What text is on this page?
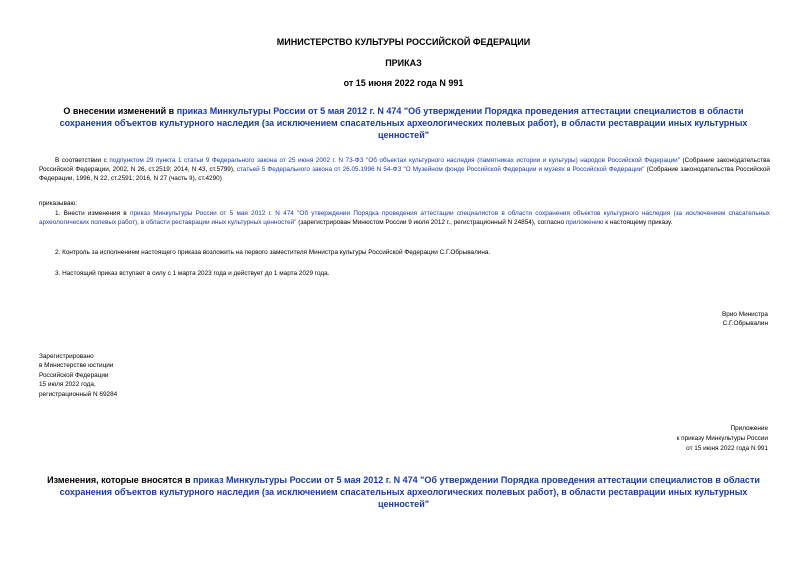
МИНИСТЕРСТВО КУЛЬТУРЫ РОССИЙСКОЙ ФЕДЕРАЦИИ
ПРИКАЗ
от 15 июня 2022 года N 991
О внесении изменений в приказ Минкультуры России от 5 мая 2012 г. N 474 "Об утверждении Порядка проведения аттестации специалистов в области сохранения объектов культурного наследия (за исключением спасательных археологических полевых работ), в области реставрации иных культурных ценностей"
В соответствии с подпунктом 29 пункта 1 статьи 9 Федерального закона от 25 июня 2002 г. N 73-ФЗ "Об объектах культурного наследия (памятниках истории и культуры) народов Российской Федерации" (Собрание законодательства Российской Федерации, 2002, N 26, ст.2519; 2014, N 43, ст.5799), статьей 5 Федерального закона от 26.05.1996 N 54-ФЗ "О Музейном фонде Российской Федерации и музеях в Российской Федерации" (Собрание законодательства Российской Федерации, 1996, N 22, ст.2591; 2016, N 27 (часть II), ст.4290)
приказываю:
1. Внести изменения в приказ Минкультуры России от 5 мая 2012 г. N 474 "Об утверждении Порядка проведения аттестации специалистов в области сохранения объектов культурного наследия (за исключением спасательных археологических полевых работ), в области реставрации иных культурных ценностей" (зарегистрирован Минюстом России 9 июля 2012 г., регистрационный N 24854), согласно приложению к настоящему приказу.
2. Контроль за исполнением настоящего приказа возложить на первого заместителя Министра культуры Российской Федерации С.Г.Обрывалина.
3. Настоящий приказ вступает в силу с 1 марта 2023 года и действует до 1 марта 2029 года.
Врио Министра
С.Г.Обрывалин
Зарегистрировано
в Министерстве юстиции
Российской Федерации
15 июля 2022 года,
регистрационный N 69284
Приложение
к приказу Минкультуры России
от 15 июня 2022 года N 991
Изменения, которые вносятся в приказ Минкультуры России от 5 мая 2012 г. N 474 "Об утверждении Порядка проведения аттестации специалистов в области сохранения объектов культурного наследия (за исключением спасательных археологических полевых работ), в области реставрации иных культурных ценностей"
